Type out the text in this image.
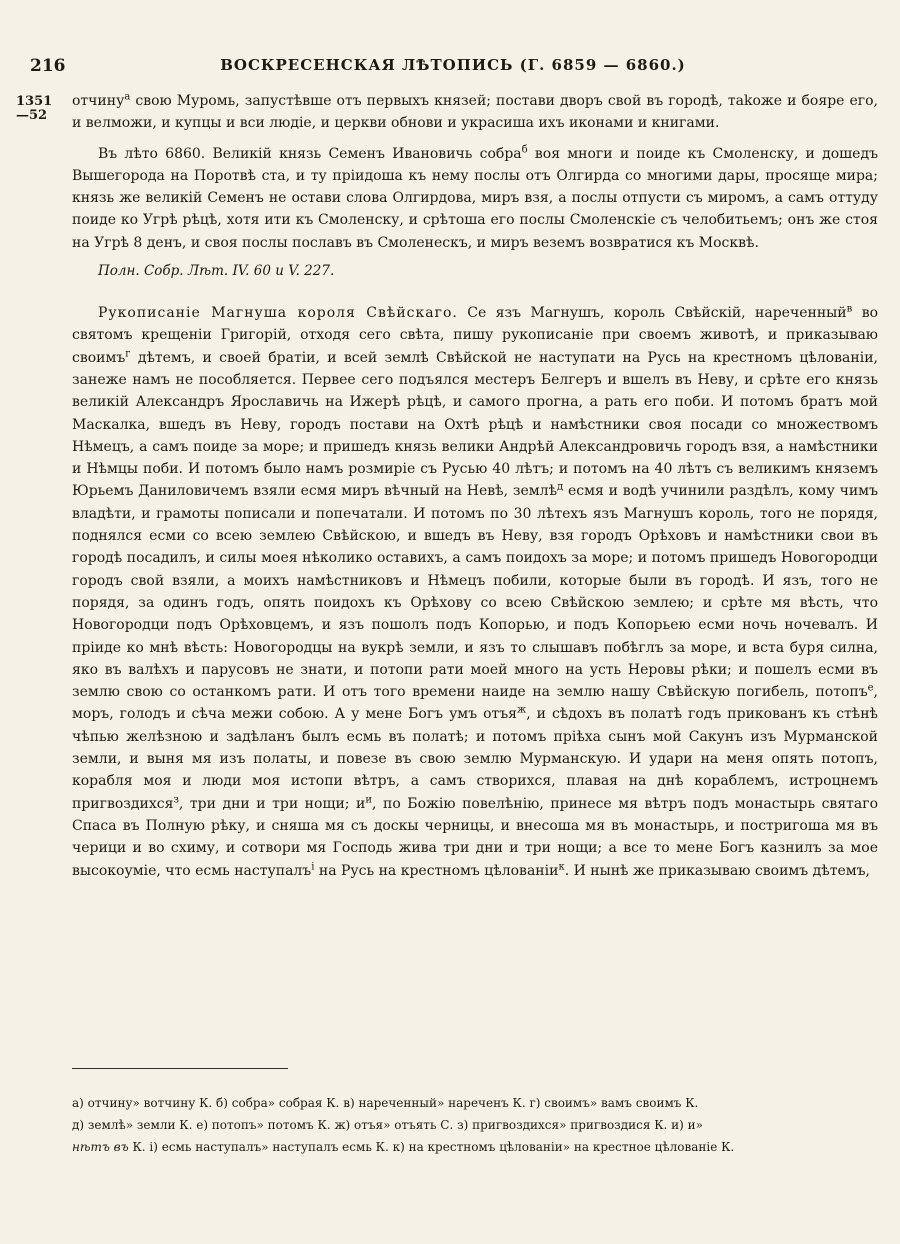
216	ВОСКРЕСЕНСКАЯ ЛѢТОПИСЬ (Г. 6859 — 6860.)
1351
—52

отчину$^а$ свою Муромь, запустѣвше отъ первыхъ князей; постави дворъ свой въ городѣ, таkоже и бояре его, и велможи, и купцы и вси людіе, и церкви обнови и украсиша ихъ иконами и книгами.

Въ лѣто 6860. Великій князь Семенъ Ивановичь собра$^б$ воя многи и поиде къ Смоленску, и дошедъ Вышегорода на Поротвѣ ста, и ту пріидоша къ нему послы отъ Олгирда со многими дары, просяще мира; князь же великій Семенъ не остави слова Олгирдова, миръ взя, а послы отпусти съ миромъ, а самъ оттуду поиде ко Угрѣ рѣцѣ, хотя ити къ Смоленску, и срѣтоша его послы Смоленскіе съ челобитьемъ; онъ же стоя на Угрѣ 8 денъ, и своя послы пославъ въ Смоленескъ, и миръ веземъ возвратися къ Москвѣ.

Полн. Собр. Лѣт. IV. 60 и V. 227.

Рукописаніе Магнуша короля Свѣйскаго. Се язъ Магнушъ, король Свѣйскій, нареченный$^в$ во святомъ крещеніи Григорій, отходя сего свѣта, пишу рукописаніе при своемъ животѣ, и приказываю своимъ$^г$ дѣтемъ, и своей братіи, и всей землѣ Свѣйской не наступати на Русь на крестномъ цѣлованіи, занеже намъ не пособляется. Первее сего подъялся местеръ Белгеръ и вшелъ въ Неву, и срѣте его князь великій Александръ Ярославичь на Ижерѣ рѣцѣ, и самого прогна, а рать его поби. И потомъ братъ мой Маскалка, вшедъ въ Неву, городъ постави на Охтѣ рѣцѣ и намѣстники своя посади со множествомъ Нѣмецъ, а самъ поиде за море; и пришедъ князь велики Андрѣй Александровичь городъ взя, а намѣстники и Нѣмцы поби. И потомъ было намъ розмиріе съ Русью 40 лѣтъ; и потомъ на 40 лѣтъ съ великимъ княземъ Юрьемъ Даниловичемъ взяли есмя миръ вѣчный на Невѣ, землѣ$^д$ есмя и водѣ учинили раздѣлъ, кому чимъ владѣти, и грамоты пописали и попечатали. И потомъ по 30 лѣтехъ язъ Магнушъ король, того не порядя, поднялся есми со всею землею Свѣйскою, и вшедъ въ Неву, взя городъ Орѣховъ и намѣстники свои въ городѣ посадилъ, и силы моея нѣколико оставихъ, а самъ поидохъ за море; и потомъ пришедъ Новогородци городъ свой взяли, а моихъ намѣстниковъ и Нѣмецъ побили, которые были въ городѣ. И язъ, того не порядя, за одинъ годъ, опять поидохъ къ Орѣхову со всею Свѣйскою землею; и срѣте мя вѣсть, что Новогородци подъ Орѣховцемъ, и язъ пошолъ подъ Копорью, и подъ Копорьею есми ночь ночевалъ. И пріиде ко мнѣ вѣсть: Новогородцы на вукрѣ земли, и язъ то слышавъ побѣглъ за море, и вста буря силна, яко въ валѣхъ и парусовъ не знати, и потопи рати моей много на усть Неровы рѣки; и пошелъ есми въ землю свою со останкомъ рати. И отъ того времени наиде на землю нашу Свѣйскую погибель, потопъ$^е$, моръ, голодъ и сѣча межи собою. А у мене Богъ умъ отъя$^ж$, и сѣдохъ въ полатѣ годъ прикованъ къ стѣнѣ чѣпью желѣзною и задѣланъ былъ есмь въ полатѣ; и потомъ пріѣха сынъ мой Сакунъ изъ Мурманской земли, и выня мя изъ полаты, и повезе въ свою землю Мурманскую. И удари на меня опять потопъ, корабля моя и люди моя истопи вѣтръ, а самъ створихся, плавая на днѣ кораблемъ, истроцнемъ пригвоздихся$^з$, три дни и три нощи; $и^и$, по Божію повелѣнію, принесе мя вѣтръ подъ монастырь святаго Спаса въ Полную рѣку, и сняша мя съ доскы черницы, и внесоша мя въ монастырь, и постригоша мя въ черици и во схиму, и сотвори мя Господь жива три дни и три нощи; а все то мене Богъ казнилъ за мое высокоуміе, что есмь наступалъ$^і$ на Русь на крестномъ цѣлованіи$^к$. И нынѣ же приказываю своимъ дѣтемъ,

а) отчину» вотчину К. б) собра» собрая К. в) нареченный» нареченъ К. г) своимъ» вамъ своимъ К.

д) землѣ» земли К. е) потопъ» потомъ К. ж) отъя» отъять С. з) пригвоздихся» пригвоздися К. и) и»

нѣтъ въ К. і) есмь наступалъ» наступалъ есмь К. к) на крестномъ цѣлованіи» на крестное цѣлованіе К.
